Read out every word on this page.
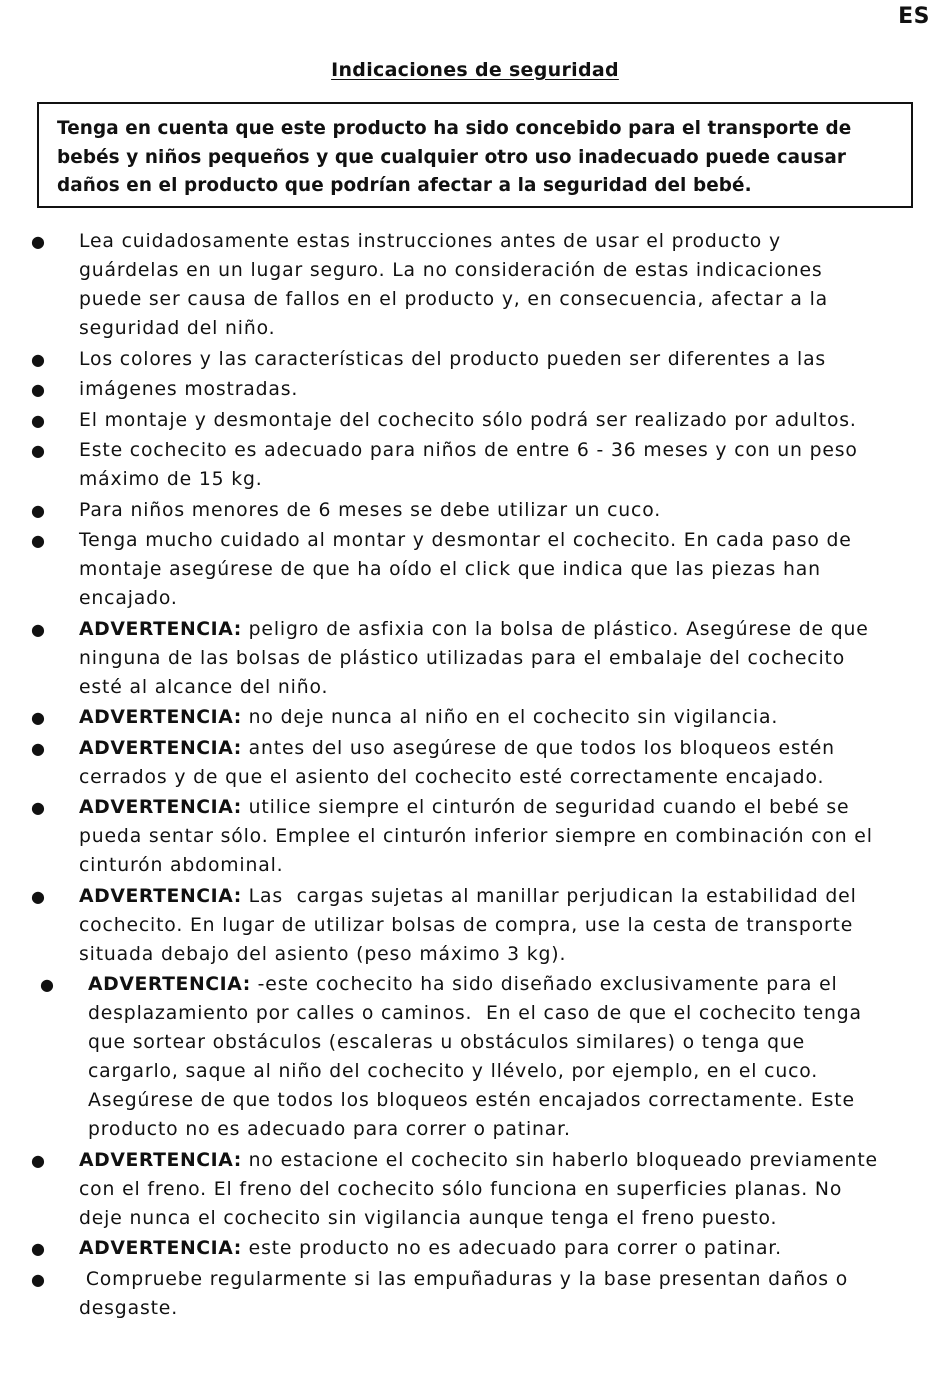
ES
Indicaciones de seguridad
Tenga en cuenta que este producto ha sido concebido para el transporte de
bebés y niños pequeños y que cualquier otro uso inadecuado puede causar
daños en el producto que podrían afectar a la seguridad del bebé.
● Lea cuidadosamente estas instrucciones antes de usar el producto y
guárdelas en un lugar seguro. La no consideración de estas indicaciones
puede ser causa de fallos en el producto y, en consecuencia, afectar a la
seguridad del niño.
● Los colores y las características del producto pueden ser diferentes a las
● imágenes mostradas.
● El montaje y desmontaje del cochecito sólo podrá ser realizado por adultos.
● Este cochecito es adecuado para niños de entre 6 - 36 meses y con un peso
máximo de 15 kg.
● Para niños menores de 6 meses se debe utilizar un cuco.
● Tenga mucho cuidado al montar y desmontar el cochecito. En cada paso de
montaje asegúrese de que ha oído el click que indica que las piezas han
encajado.
● ADVERTENCIA: peligro de asfixia con la bolsa de plástico. Asegúrese de que
ninguna de las bolsas de plástico utilizadas para el embalaje del cochecito
esté al alcance del niño.
● ADVERTENCIA: no deje nunca al niño en el cochecito sin vigilancia.
● ADVERTENCIA: antes del uso asegúrese de que todos los bloqueos estén
cerrados y de que el asiento del cochecito esté correctamente encajado.
● ADVERTENCIA: utilice siempre el cinturón de seguridad cuando el bebé se
pueda sentar sólo. Emplee el cinturón inferior siempre en combinación con el
cinturón abdominal.
● ADVERTENCIA: Las  cargas sujetas al manillar perjudican la estabilidad del
cochecito. En lugar de utilizar bolsas de compra, use la cesta de transporte
situada debajo del asiento (peso máximo 3 kg).
● ADVERTENCIA: -este cochecito ha sido diseñado exclusivamente para el
desplazamiento por calles o caminos.  En el caso de que el cochecito tenga
que sortear obstáculos (escaleras u obstáculos similares) o tenga que
cargarlo, saque al niño del cochecito y llévelo, por ejemplo, en el cuco.
Asegúrese de que todos los bloqueos estén encajados correctamente. Este
producto no es adecuado para correr o patinar.
● ADVERTENCIA: no estacione el cochecito sin haberlo bloqueado previamente
con el freno. El freno del cochecito sólo funciona en superficies planas. No
deje nunca el cochecito sin vigilancia aunque tenga el freno puesto.
● ADVERTENCIA: este producto no es adecuado para correr o patinar.
● Compruebe regularmente si las empuñaduras y la base presentan daños o
desgaste.
